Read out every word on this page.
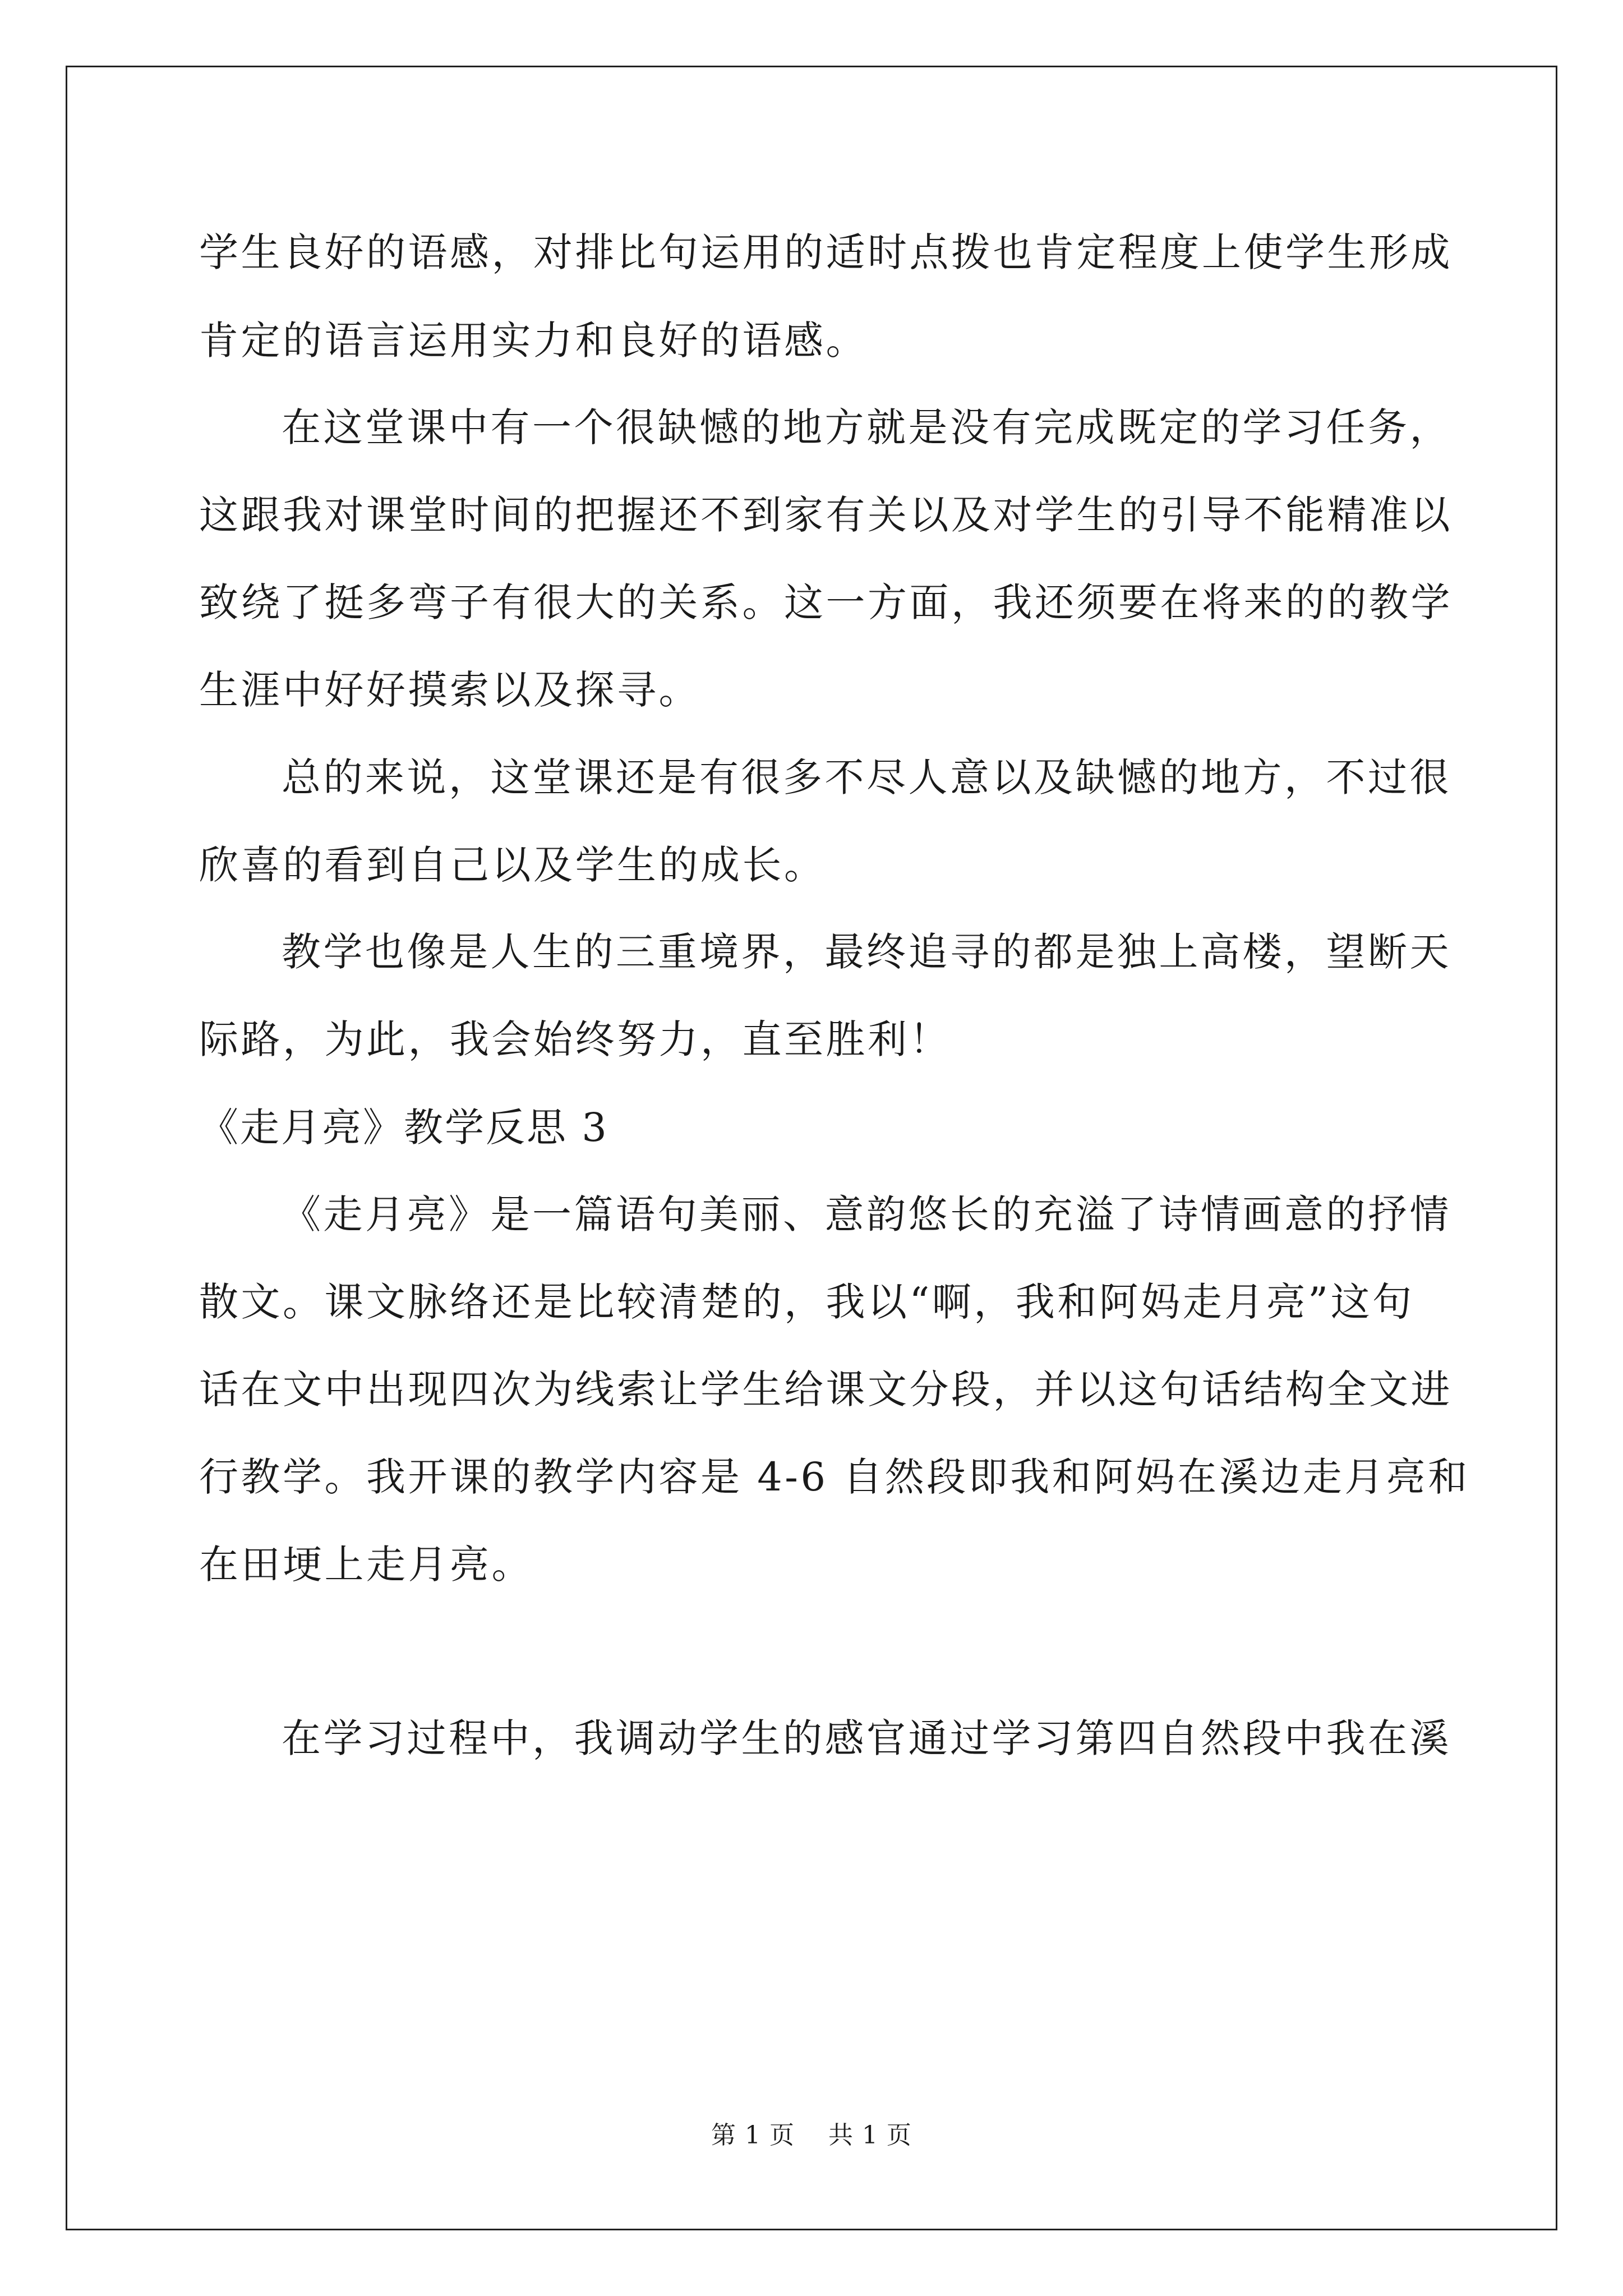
学生良好的语感，对排比句运用的适时点拨也肯定程度上使学生形成
肯定的语言运用实力和良好的语感。
在这堂课中有一个很缺憾的地方就是没有完成既定的学习任务，
这跟我对课堂时间的把握还不到家有关以及对学生的引导不能精准以
致绕了挺多弯子有很大的关系。这一方面，我还须要在将来的的教学
生涯中好好摸索以及探寻。
总的来说，这堂课还是有很多不尽人意以及缺憾的地方，不过很
欣喜的看到自己以及学生的成长。
教学也像是人生的三重境界，最终追寻的都是独上高楼，望断天
际路，为此，我会始终努力，直至胜利！
《走月亮》教学反思 3
《走月亮》是一篇语句美丽、意韵悠长的充溢了诗情画意的抒情
散文。课文脉络还是比较清楚的，我以“啊，我和阿妈走月亮”这句
话在文中出现四次为线索让学生给课文分段，并以这句话结构全文进
行教学。我开课的教学内容是 4-6 自然段即我和阿妈在溪边走月亮和
在田埂上走月亮。
在学习过程中，我调动学生的感官通过学习第四自然段中我在溪
第 1 页    共 1 页
